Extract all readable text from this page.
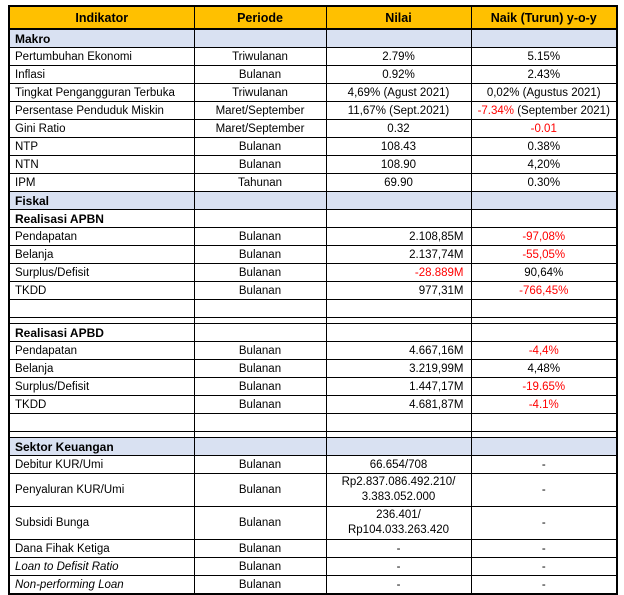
Indikator	Periode	Nilai	Naik (Turun) y-o-y
Makro			
Pertumbuhan Ekonomi	Triwulanan	2.79%	5.15%
Inflasi	Bulanan	0.92%	2.43%
Tingkat Pengangguran Terbuka	Triwulanan	4,69% (Agust 2021)	0,02% (Agustus 2021)
Persentase Penduduk Miskin	Maret/September	11,67% (Sept.2021)	-7.34% (September 2021)
Gini Ratio	Maret/September	0.32	-0.01
NTP	Bulanan	108.43	0.38%
NTN	Bulanan	108.90	4,20%
IPM	Tahunan	69.90	0.30%
Fiskal			
Realisasi APBN			
Pendapatan	Bulanan	2.108,85M	-97,08%
Belanja	Bulanan	2.137,74M	-55,05%
Surplus/Defisit	Bulanan	-28.889M	90,64%
TKDD	Bulanan	977,31M	-766,45%

Realisasi APBD			
Pendapatan	Bulanan	4.667,16M	-4,4%
Belanja	Bulanan	3.219,99M	4,48%
Surplus/Defisit	Bulanan	1.447,17M	-19.65%
TKDD	Bulanan	4.681,87M	-4.1%

Sektor Keuangan			
Debitur KUR/Umi	Bulanan	66.654/708	-
Penyaluran KUR/Umi	Bulanan	Rp2.837.086.492.210/
3.383.052.000	-
Subsidi Bunga	Bulanan	236.401/
Rp104.033.263.420	-
Dana Fihak Ketiga	Bulanan	-	-
Loan to Defisit Ratio	Bulanan	-	-
Non-performing Loan	Bulanan	-	-
